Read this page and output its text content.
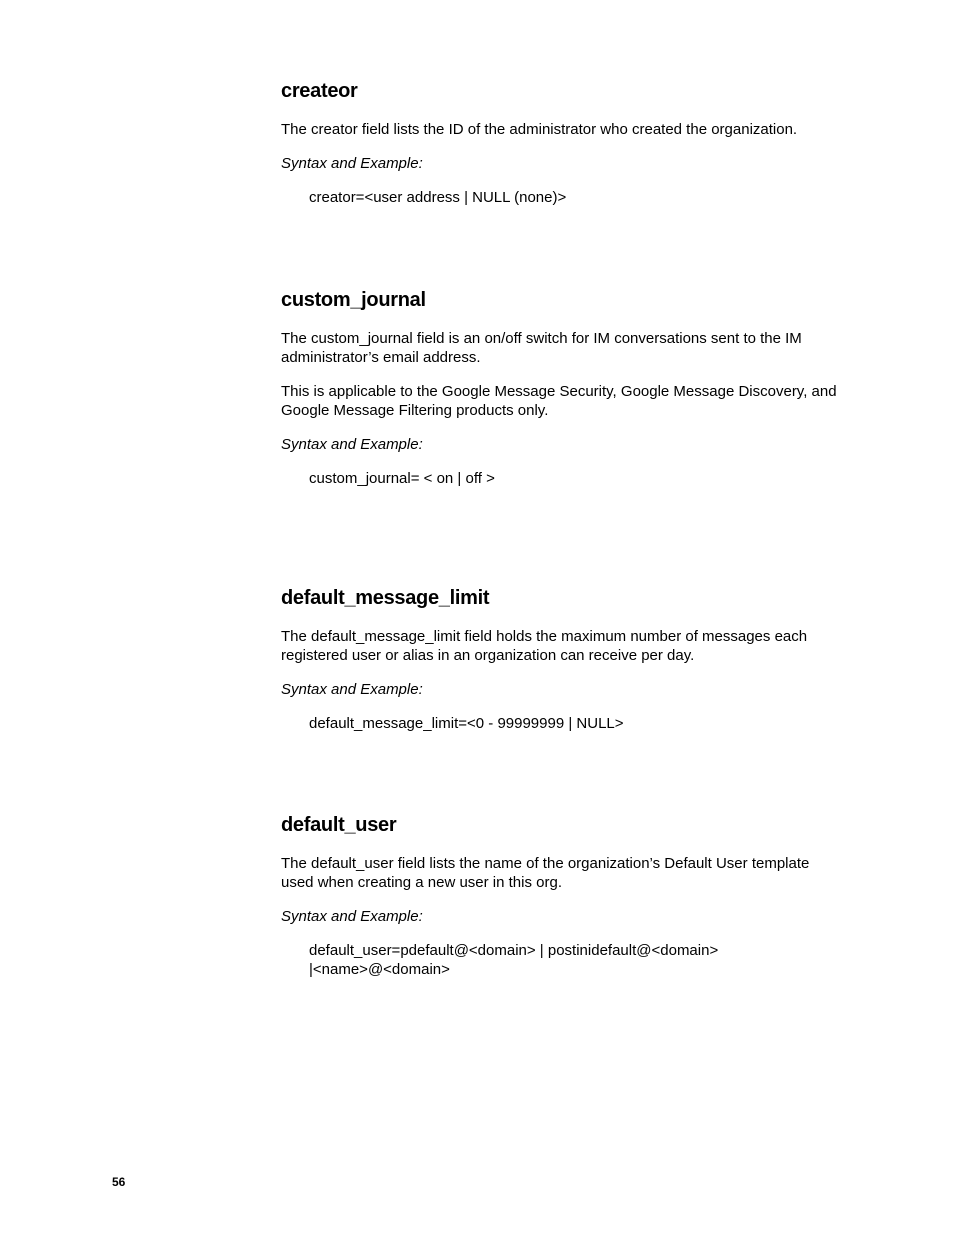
createor

The creator field lists the ID of the administrator who created the organization.

Syntax and Example:

creator=<user address | NULL (none)>
custom_journal

The custom_journal field is an on/off switch for IM conversations sent to the IM administrator’s email address.

This is applicable to the Google Message Security, Google Message Discovery, and Google Message Filtering products only.

Syntax and Example:

custom_journal= < on | off >
default_message_limit

The default_message_limit field holds the maximum number of messages each registered user or alias in an organization can receive per day.

Syntax and Example:

default_message_limit=<0 - 99999999 | NULL>
default_user

The default_user field lists the name of the organization’s Default User template used when creating a new user in this org.

Syntax and Example:

default_user=pdefault@<domain> | postinidefault@<domain>
|<name>@<domain>
56
